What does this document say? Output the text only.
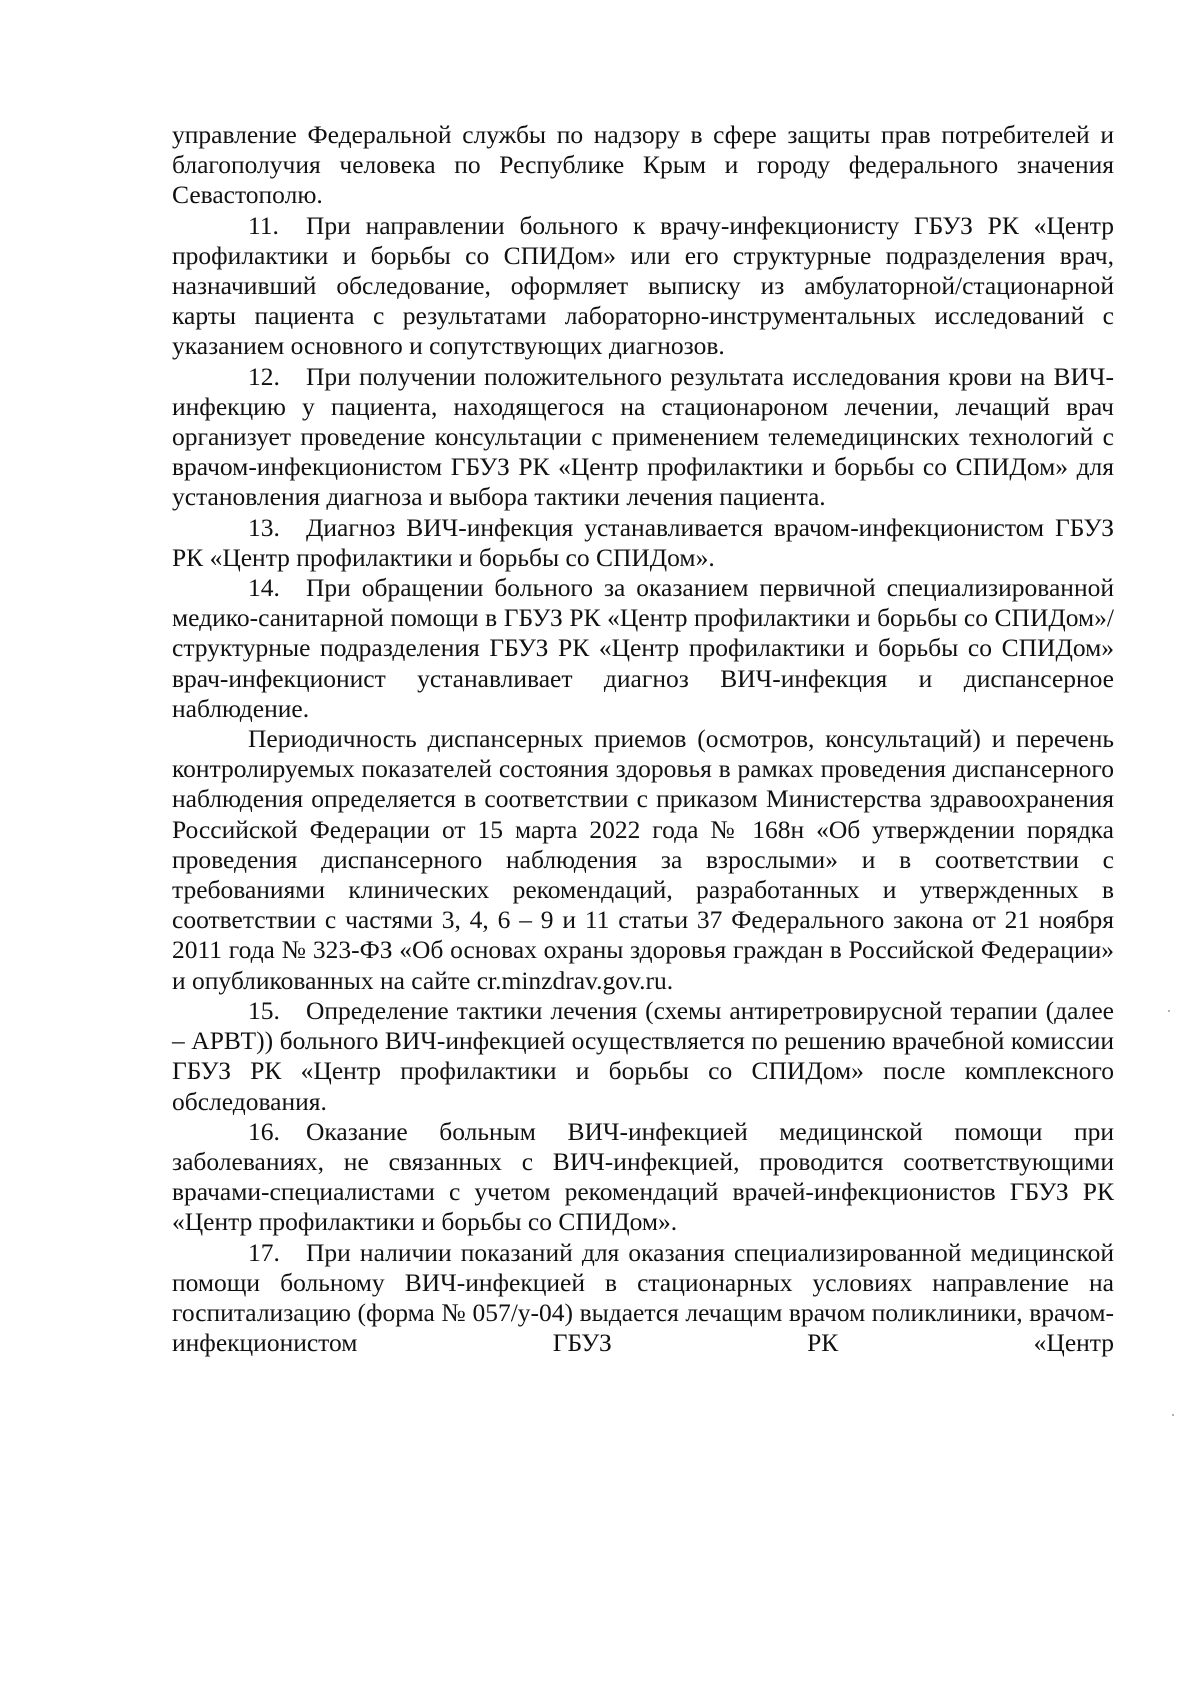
управление Федеральной службы по надзору в сфере защиты прав потребителей и благополучия человека по Республике Крым и городу федерального значения Севастополю.

11. При направлении больного к врачу-инфекционисту ГБУЗ РК «Центр профилактики и борьбы со СПИДом» или его структурные подразделения врач, назначивший обследование, оформляет выписку из амбулаторной/стационарной карты пациента с результатами лабораторно-инструментальных исследований с указанием основного и сопутствующих диагнозов.

12. При получении положительного результата исследования крови на ВИЧ-инфекцию у пациента, находящегося на стационароном лечении, лечащий врач организует проведение консультации с применением телемедицинских технологий с врачом-инфекционистом ГБУЗ РК «Центр профилактики и борьбы со СПИДом» для установления диагноза и выбора тактики лечения пациента.

13. Диагноз ВИЧ-инфекция устанавливается врачом-инфекционистом ГБУЗ РК «Центр профилактики и борьбы со СПИДом».

14. При обращении больного за оказанием первичной специализированной медико-санитарной помощи в ГБУЗ РК «Центр профилактики и борьбы со СПИДом»/структурные подразделения ГБУЗ РК «Центр профилактики и борьбы со СПИДом» врач-инфекционист устанавливает диагноз ВИЧ-инфекция и диспансерное наблюдение.

Периодичность диспансерных приемов (осмотров, консультаций) и перечень контролируемых показателей состояния здоровья в рамках проведения диспансерного наблюдения определяется в соответствии с приказом Министерства здравоохранения Российской Федерации от 15 марта 2022 года № 168н «Об утверждении порядка проведения диспансерного наблюдения за взрослыми» и в соответствии с требованиями клинических рекомендаций, разработанных и утвержденных в соответствии с частями 3, 4, 6 – 9 и 11 статьи 37 Федерального закона от 21 ноября 2011 года № 323-ФЗ «Об основах охраны здоровья граждан в Российской Федерации» и опубликованных на сайте cr.minzdrav.gov.ru.

15. Определение тактики лечения (схемы антиретровирусной терапии (далее – АРВТ)) больного ВИЧ-инфекцией осуществляется по решению врачебной комиссии ГБУЗ РК «Центр профилактики и борьбы со СПИДом» после комплексного обследования.

16. Оказание больным ВИЧ-инфекцией медицинской помощи при заболеваниях, не связанных с ВИЧ-инфекцией, проводится соответствующими врачами-специалистами с учетом рекомендаций врачей-инфекционистов ГБУЗ РК «Центр профилактики и борьбы со СПИДом».

17. При наличии показаний для оказания специализированной медицинской помощи больному ВИЧ-инфекцией в стационарных условиях направление на госпитализацию (форма № 057/у-04) выдается лечащим врачом поликлиники, врачом-инфекционистом ГБУЗ РК «Центр
